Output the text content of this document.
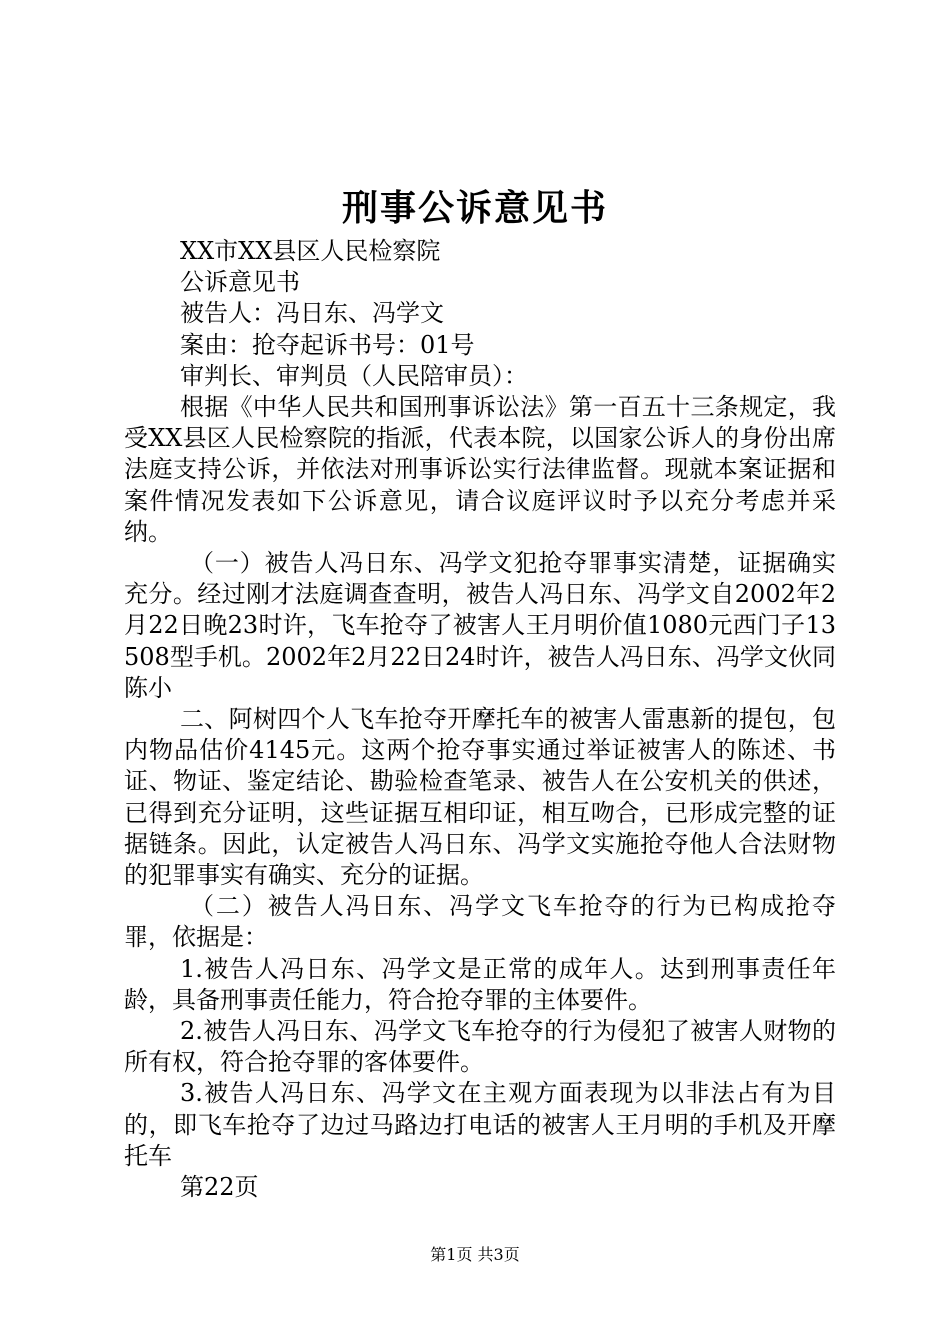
刑事公诉意见书

XX市XX县区人民检察院

公诉意见书

被告人：冯日东、冯学文

案由：抢夺起诉书号：01号

审判长、审判员（人民陪审员）：

根据《中华人民共和国刑事诉讼法》第一百五十三条规定，我受XX县区人民检察院的指派，代表本院，以国家公诉人的身份出席法庭支持公诉，并依法对刑事诉讼实行法律监督。现就本案证据和案件情况发表如下公诉意见，请合议庭评议时予以充分考虑并采纳。

（一）被告人冯日东、冯学文犯抢夺罪事实清楚，证据确实充分。经过刚才法庭调查查明，被告人冯日东、冯学文自2002年2月22日晚23时许，飞车抢夺了被害人王月明价值1080元西门子13508型手机。2002年2月22日24时许，被告人冯日东、冯学文伙同陈小

二、阿树四个人飞车抢夺开摩托车的被害人雷惠新的提包，包内物品估价4145元。这两个抢夺事实通过举证被害人的陈述、书证、物证、鉴定结论、勘验检查笔录、被告人在公安机关的供述，已得到充分证明，这些证据互相印证，相互吻合，已形成完整的证据链条。因此，认定被告人冯日东、冯学文实施抢夺他人合法财物的犯罪事实有确实、充分的证据。

（二）被告人冯日东、冯学文飞车抢夺的行为已构成抢夺罪，依据是：

1.被告人冯日东、冯学文是正常的成年人。达到刑事责任年龄，具备刑事责任能力，符合抢夺罪的主体要件。

2.被告人冯日东、冯学文飞车抢夺的行为侵犯了被害人财物的所有权，符合抢夺罪的客体要件。

3.被告人冯日东、冯学文在主观方面表现为以非法占有为目的，即飞车抢夺了边过马路边打电话的被害人王月明的手机及开摩托车

第22页

第1页 共3页
